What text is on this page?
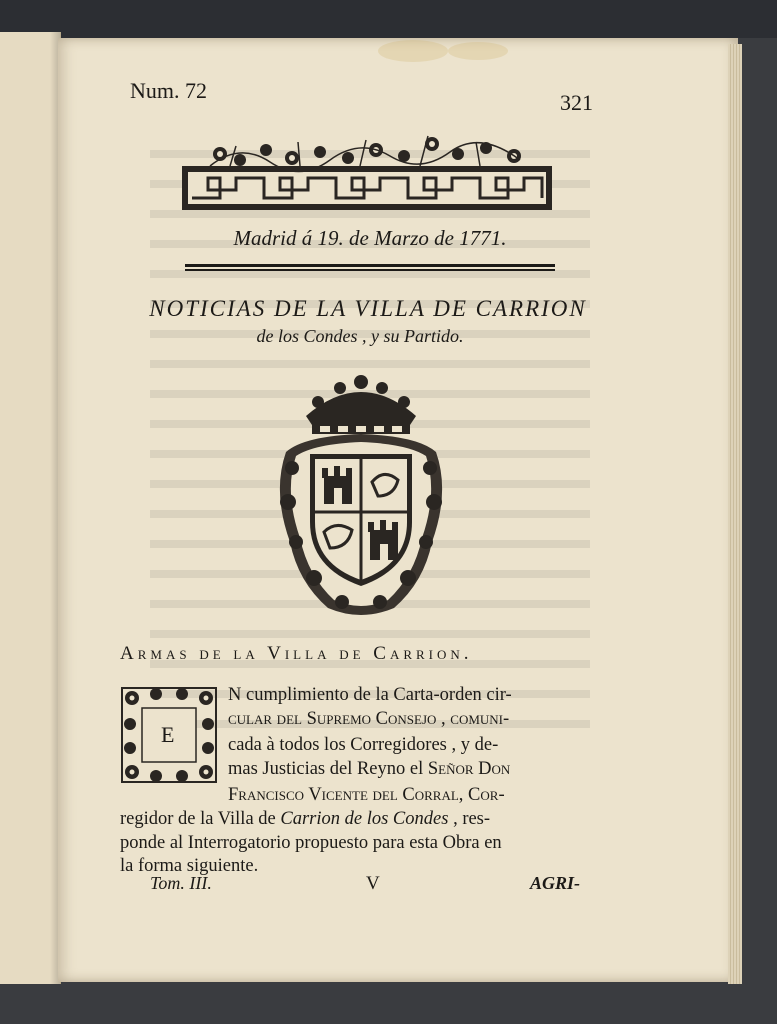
Num. 72	321
Madrid á 19. de Marzo de 1771.
NOTICIAS DE LA VILLA DE CARRION
de los Condes , y su Partido.
Armas de la Villa de Carrion.
E
N cumplimiento de la Carta-orden cir-
cular del Supremo Consejo , comuni-
cada à todos los Corregidores , y de-
mas Justicias del Reyno el Señor Don
Francisco Vicente del Corral, Cor-
regidor de la Villa de Carrion de los Condes , res-
ponde al Interrogatorio propuesto para esta Obra en
la forma siguiente.
Tom. III.	V	AGRI-
